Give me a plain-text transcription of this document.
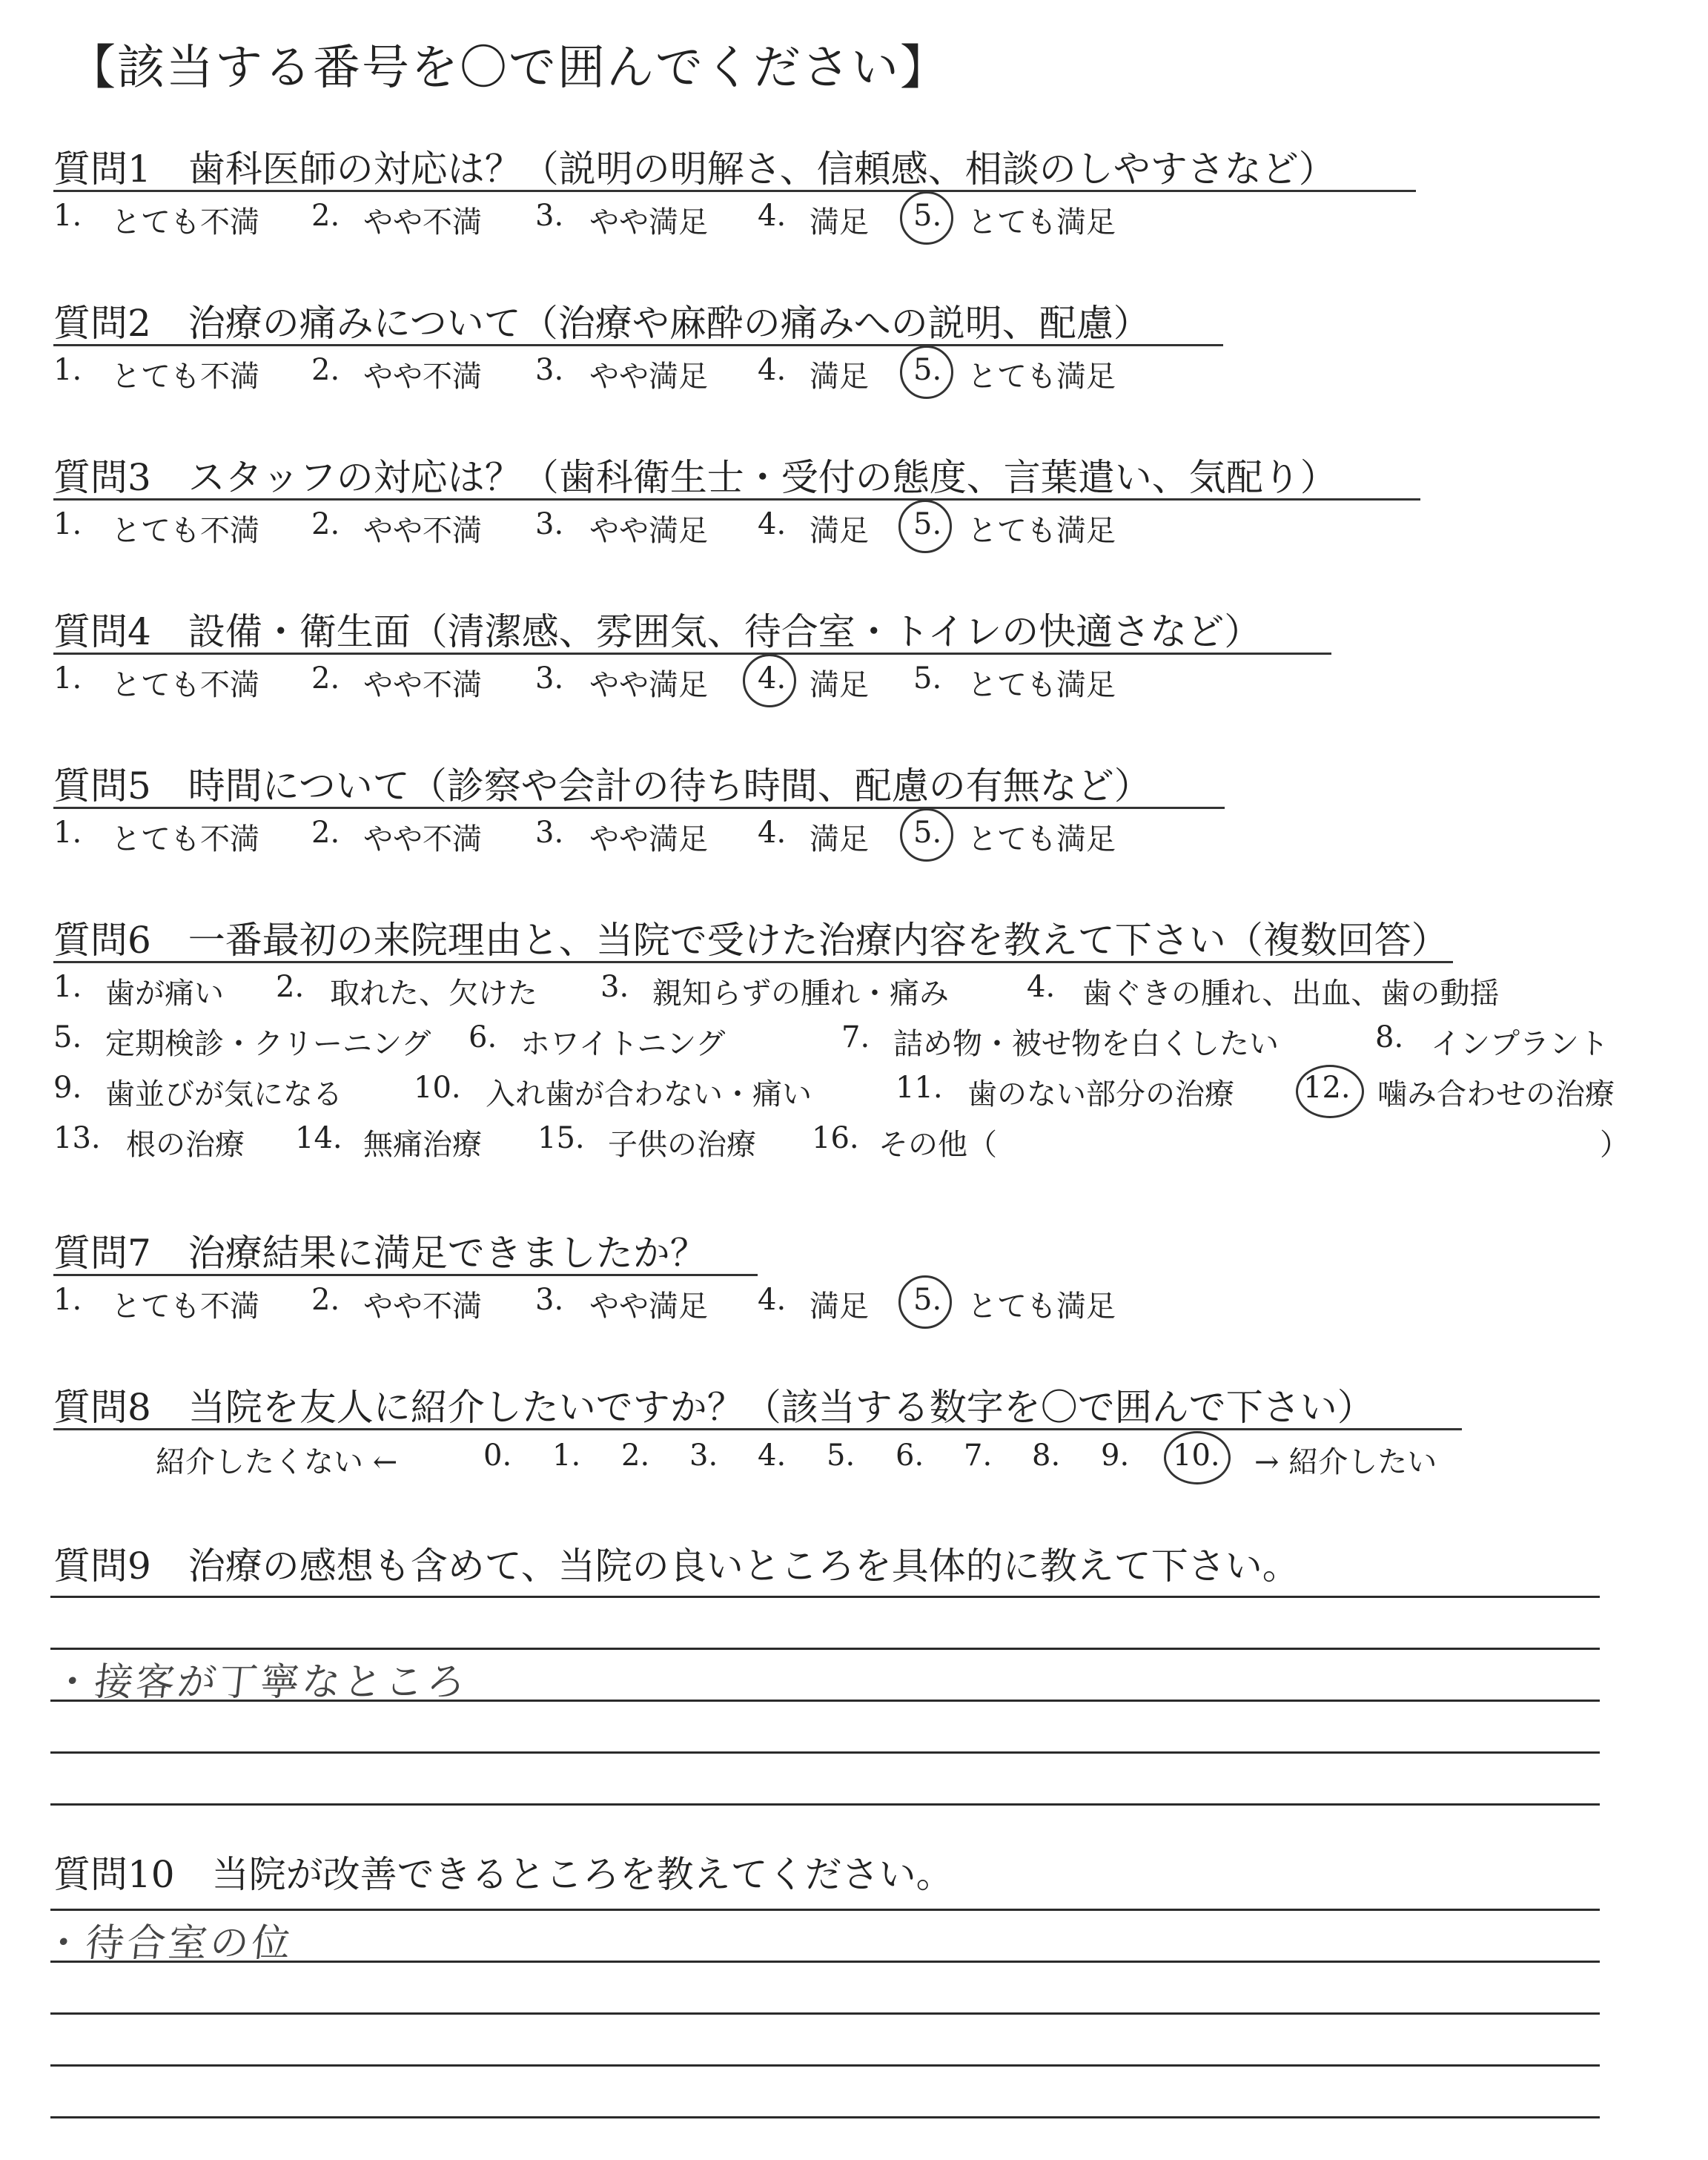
【該当する番号を〇で囲んでください】
質問1　歯科医師の対応は？（説明の明解さ、信頼感、相談のしやすさなど）
1. とても不満 2. やや不満 3. やや満足 4. 満足 5. とても満足
質問2　治療の痛みについて（治療や麻酔の痛みへの説明、配慮）
1. とても不満 2. やや不満 3. やや満足 4. 満足 5. とても満足
質問3　スタッフの対応は？（歯科衛生士・受付の態度、言葉遣い、気配り）
1. とても不満 2. やや不満 3. やや満足 4. 満足 5. とても満足
質問4　設備・衛生面（清潔感、雰囲気、待合室・トイレの快適さなど）
1. とても不満 2. やや不満 3. やや満足 4. 満足 5. とても満足
質問5　時間について（診察や会計の待ち時間、配慮の有無など）
1. とても不満 2. やや不満 3. やや満足 4. 満足 5. とても満足
質問6　一番最初の来院理由と、当院で受けた治療内容を教えて下さい（複数回答）
1. 歯が痛い 2. 取れた、欠けた 3. 親知らずの腫れ・痛み	4. 歯ぐきの腫れ、出血、歯の動揺
5. 定期検診・クリーニング 6. ホワイトニング	7. 詰め物・被せ物を白くしたい	8. インプラント
9. 歯並びが気になる 10. 入れ歯が合わない・痛い	11. 歯のない部分の治療 12. 噛み合わせの治療
13. 根の治療 14. 無痛治療 15. 子供の治療 16. その他（	）
質問7　治療結果に満足できましたか？
1. とても不満 2. やや不満 3. やや満足 4. 満足 5. とても満足
質問8　当院を友人に紹介したいですか？（該当する数字を〇で囲んで下さい）
紹介したくない ←	0. 1. 2. 3. 4. 5. 6. 7. 8. 9. 10. → 紹介したい
質問9　治療の感想も含めて、当院の良いところを具体的に教えて下さい。
・接客が丁寧なところ
質問10　当院が改善できるところを教えてください。
・待合室の位
